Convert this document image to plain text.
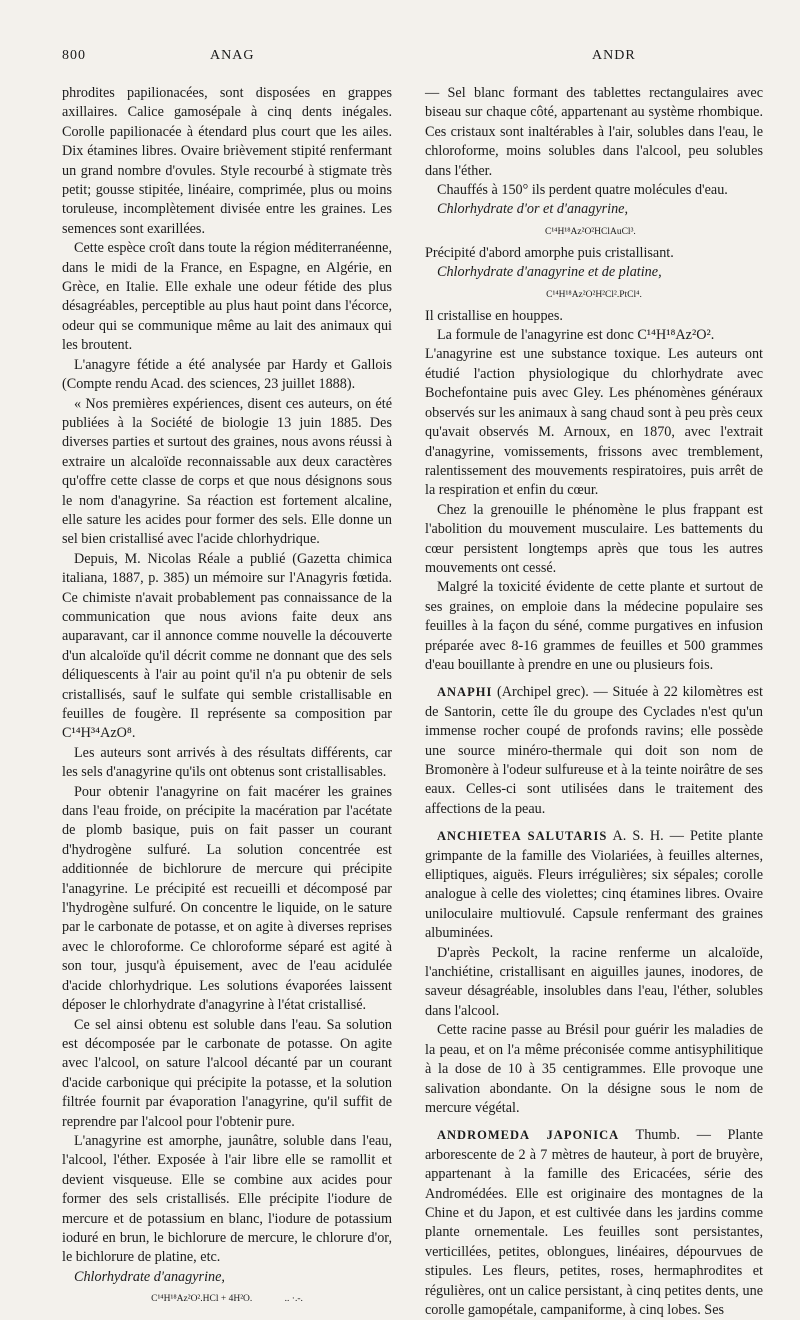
800	ANAG	ANDR

phrodites papilionacées, sont disposées en grappes axillaires. Calice gamosépale à cinq dents inégales. Corolle papilionacée à étendard plus court que les ailes. Dix étamines libres. Ovaire brièvement stipité renfermant un grand nombre d'ovules. Style recourbé à stigmate très petit; gousse stipitée, linéaire, comprimée, plus ou moins toruleuse, incomplètement divisée entre les graines. Les semences sont exarillées.

Cette espèce croît dans toute la région méditerranéenne, dans le midi de la France, en Espagne, en Algérie, en Grèce, en Italie. Elle exhale une odeur fétide des plus désagréables, perceptible au plus haut point dans l'écorce, odeur qui se communique même au lait des animaux qui les broutent.

L'anagyre fétide a été analysée par Hardy et Gallois (Compte rendu Acad. des sciences, 23 juillet 1888).

« Nos premières expériences, disent ces auteurs, on été publiées à la Société de biologie 13 juin 1885. Des diverses parties et surtout des graines, nous avons réussi à extraire un alcaloïde reconnaissable aux deux caractères qu'offre cette classe de corps et que nous désignons sous le nom d'anagyrine. Sa réaction est fortement alcaline, elle sature les acides pour former des sels. Elle donne un sel bien cristallisé avec l'acide chlorhydrique.

Depuis, M. Nicolas Réale a publié (Gazetta chimica italiana, 1887, p. 385) un mémoire sur l'Anagyris fœtida. Ce chimiste n'avait probablement pas connaissance de la communication que nous avions faite deux ans auparavant, car il annonce comme nouvelle la découverte d'un alcaloïde qu'il décrit comme ne donnant que des sels déliquescents à l'air au point qu'il n'a pu obtenir de sels cristallisés, sauf le sulfate qui semble cristallisable en feuilles de fougère. Il représente sa composition par C¹⁴H³⁴AzO⁸.

Les auteurs sont arrivés à des résultats différents, car les sels d'anagyrine qu'ils ont obtenus sont cristallisables.

Pour obtenir l'anagyrine on fait macérer les graines dans l'eau froide, on précipite la macération par l'acétate de plomb basique, puis on fait passer un courant d'hydrogène sulfuré. La solution concentrée est additionnée de bichlorure de mercure qui précipite l'anagyrine. Le précipité est recueilli et décomposé par l'hydrogène sulfuré. On concentre le liquide, on le sature par le carbonate de potasse, et on agite à diverses reprises avec le chloroforme. Ce chloroforme séparé est agité à son tour, jusqu'à épuisement, avec de l'eau acidulée d'acide chlorhydrique. Les solutions évaporées laissent déposer le chlorhydrate d'anagyrine à l'état cristallisé.

Ce sel ainsi obtenu est soluble dans l'eau. Sa solution est décomposée par le carbonate de potasse. On agite avec l'alcool, on sature l'alcool décanté par un courant d'acide carbonique qui précipite la potasse, et la solution filtrée fournit par évaporation l'anagyrine, qu'il suffit de reprendre par l'alcool pour l'obtenir pure.

L'anagyrine est amorphe, jaunâtre, soluble dans l'eau, l'alcool, l'éther. Exposée à l'air libre elle se ramollit et devient visqueuse. Elle se combine aux acides pour former des sels cristallisés. Elle précipite l'iodure de mercure et de potassium en blanc, l'iodure de potassium ioduré en brun, le bichlorure de mercure, le chlorure d'or, le bichlorure de platine, etc.

Chlorhydrate d'anagyrine,

C¹⁴H¹⁸Az²O².HCl + 4H²O.	.. ·.-.

— Sel blanc formant des tablettes rectangulaires avec biseau sur chaque côté, appartenant au système rhombique. Ces cristaux sont inaltérables à l'air, solubles dans l'eau, le chloroforme, moins solubles dans l'alcool, peu solubles dans l'éther.

Chauffés à 150° ils perdent quatre molécules d'eau.

Chlorhydrate d'or et d'anagyrine,

C¹⁴H¹⁸Az²O²HClAuCl³.

Précipité d'abord amorphe puis cristallisant.

Chlorhydrate d'anagyrine et de platine,

C¹⁴H¹⁸Az²O²H²Cl².PtCl⁴.

Il cristallise en houppes.

La formule de l'anagyrine est donc C¹⁴H¹⁸Az²O².

L'anagyrine est une substance toxique. Les auteurs ont étudié l'action physiologique du chlorhydrate avec Bochefontaine puis avec Gley. Les phénomènes généraux observés sur les animaux à sang chaud sont à peu près ceux qu'avait observés M. Arnoux, en 1870, avec l'extrait d'anagyrine, vomissements, frissons avec tremblement, ralentissement des mouvements respiratoires, puis arrêt de la respiration et enfin du cœur.

Chez la grenouille le phénomène le plus frappant est l'abolition du mouvement musculaire. Les battements du cœur persistent longtemps après que tous les autres mouvements ont cessé.

Malgré la toxicité évidente de cette plante et surtout de ses graines, on emploie dans la médecine populaire ses feuilles à la façon du séné, comme purgatives en infusion préparée avec 8-16 grammes de feuilles et 500 grammes d'eau bouillante à prendre en une ou plusieurs fois.

ANAPHI (Archipel grec). — Située à 22 kilomètres est de Santorin, cette île du groupe des Cyclades n'est qu'un immense rocher coupé de profonds ravins; elle possède une source minéro-thermale qui doit son nom de Bromonère à l'odeur sulfureuse et à la teinte noirâtre de ses eaux. Celles-ci sont utilisées dans le traitement des affections de la peau.

ANCHIETEA SALUTARIS A. S. H. — Petite plante grimpante de la famille des Violariées, à feuilles alternes, elliptiques, aiguës. Fleurs irrégulières; six sépales; corolle analogue à celle des violettes; cinq étamines libres. Ovaire uniloculaire multiovulé. Capsule renfermant des graines albuminées.

D'après Peckolt, la racine renferme un alcaloïde, l'anchiétine, cristallisant en aiguilles jaunes, inodores, de saveur désagréable, insolubles dans l'eau, l'éther, solubles dans l'alcool.

Cette racine passe au Brésil pour guérir les maladies de la peau, et on l'a même préconisée comme antisyphilitique à la dose de 10 à 35 centigrammes. Elle provoque une salivation abondante. On la désigne sous le nom de mercure végétal.

ANDROMEDA JAPONICA Thumb. — Plante arborescente de 2 à 7 mètres de hauteur, à port de bruyère, appartenant à la famille des Ericacées, série des Andromédées. Elle est originaire des montagnes de la Chine et du Japon, et est cultivée dans les jardins comme plante ornementale. Les feuilles sont persistantes, verticillées, petites, oblongues, linéaires, dépourvues de stipules. Les fleurs, petites, roses, hermaphrodites et régulières, ont un calice persistant, à cinq petites dents, une corolle gamopétale, campaniforme, à cinq lobes. Ses
